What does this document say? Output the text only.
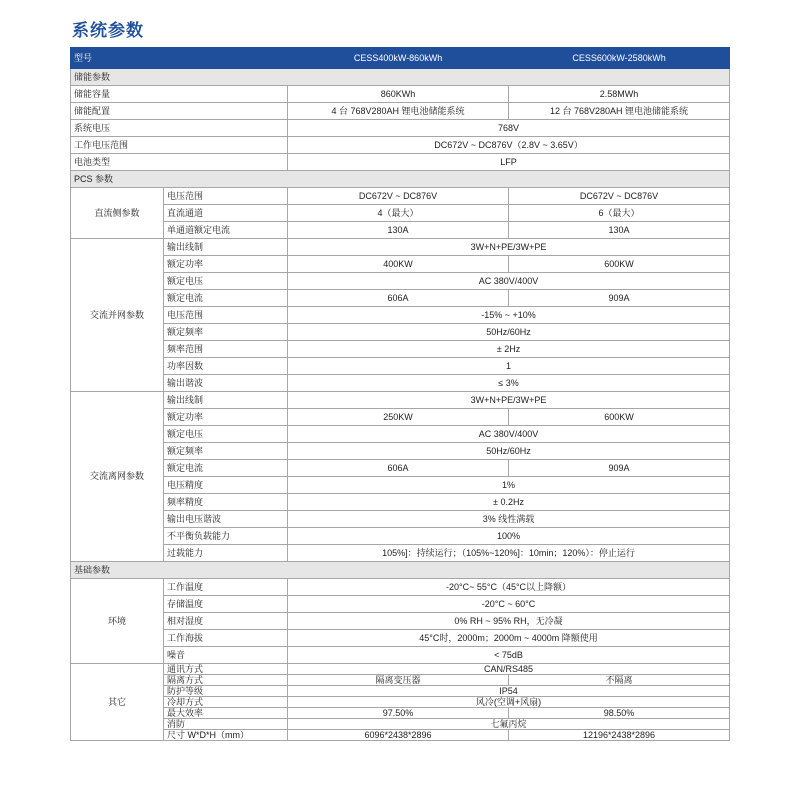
系统参数
型号		CESS400kW-860kWh	CESS600kW-2580kWh
储能参数			
储能容量		860KWh	2.58MWh
储能配置		4 台 768V280AH 锂电池储能系统	12 台 768V280AH 锂电池储能系统
系统电压		768V	
工作电压范围		DC672V ~ DC876V（2.8V ~ 3.65V）	
电池类型		LFP	
PCS 参数			
直流侧参数	电压范围	DC672V ~ DC876V	DC672V ~ DC876V
	直流通道	4（最大）	6（最大）
	单通道额定电流	130A	130A
交流并网参数	输出线制	3W+N+PE/3W+PE	
	额定功率	400KW	600KW
	额定电压	AC 380V/400V	
	额定电流	606A	909A
	电压范围	-15% ~ +10%	
	额定频率	50Hz/60Hz	
	频率范围	± 2Hz	
	功率因数	1	
	输出谐波	≤ 3%	
交流离网参数	输出线制	3W+N+PE/3W+PE	
	额定功率	250KW	600KW
	额定电压	AC 380V/400V	
	额定频率	50Hz/60Hz	
	额定电流	606A	909A
	电压精度	1%	
	频率精度	± 0.2Hz	
	输出电压谐波	3% 线性满载	
	不平衡负载能力	100%	
	过载能力	105%]：持续运行；（105%~120%]：10min；120%）：停止运行	
基础参数			
环境	工作温度	-20°C~ 55°C（45°C以上降额）	
	存储温度	-20°C ~ 60°C	
	相对湿度	0% RH ~ 95% RH，无冷凝	
	工作海拔	45°C时，2000m；2000m ~ 4000m 降额使用	
	噪音	< 75dB	
其它	通讯方式	CAN/RS485	
	隔离方式	隔离变压器	不隔离
	防护等级	IP54	
	冷却方式	风冷(空调+风扇)	
	最大效率	97.50%	98.50%
	消防	七氟丙烷	
	尺寸 W*D*H（mm）	6096*2438*2896	12196*2438*2896
